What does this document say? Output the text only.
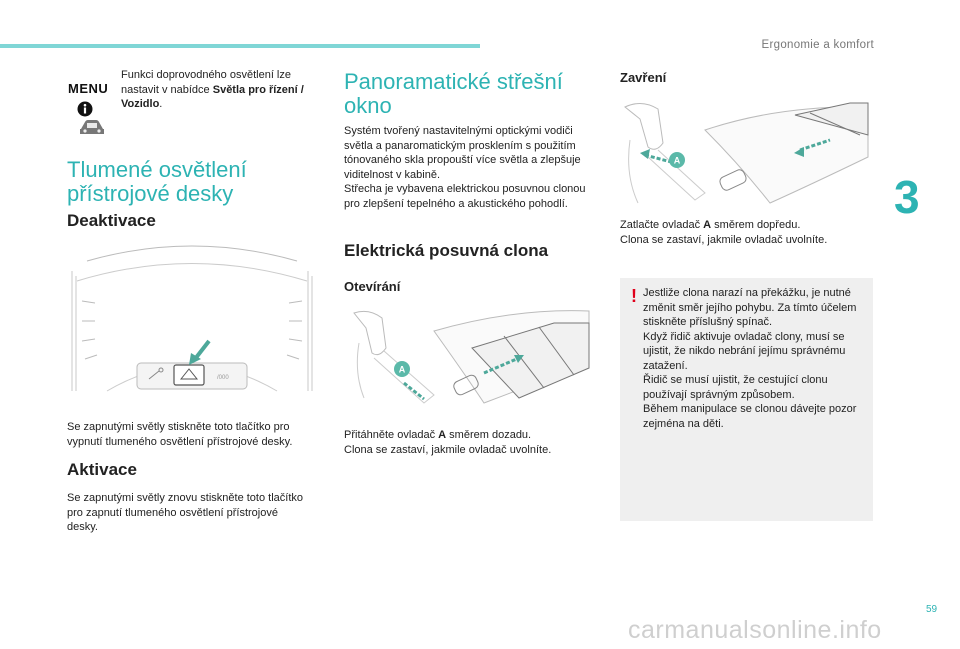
Ergonomie a komfort
3
59
carmanualsonline.info
MENU
Funkci doprovodného osvětlení lze nastavit v nabídce Světla pro řízení / Vozidlo.
Tlumené osvětlení
přístrojové desky
Deaktivace
/000
Se zapnutými světly stiskněte toto tlačítko pro vypnutí tlumeného osvětlení přístrojové desky.
Aktivace
Se zapnutými světly znovu stiskněte toto tlačítko pro zapnutí tlumeného osvětlení přístrojové desky.
Panoramatické střešní
okno
Systém tvořený nastavitelnými optickými vodiči světla a panaromatickým prosklením s použitím tónovaného skla propouští více světla a zlepšuje viditelnost v kabině.
Střecha je vybavena elektrickou posuvnou clonou pro zlepšení tepelného a akustického pohodlí.
Elektrická posuvná clona
Otevírání
A
Přitáhněte ovladač A směrem dozadu.
Clona se zastaví, jakmile ovladač uvolníte.
Zavření
A
Zatlačte ovladač A směrem dopředu.
Clona se zastaví, jakmile ovladač uvolníte.
! Jestliže clona narazí na překážku, je nutné změnit směr jejího pohybu. Za tímto účelem stiskněte příslušný spínač.
Když řidič aktivuje ovladač clony, musí se ujistit, že nikdo nebrání jejímu správnému zatažení.
Řidič se musí ujistit, že cestující clonu používají správným způsobem.
Během manipulace se clonou dávejte pozor zejména na děti.
